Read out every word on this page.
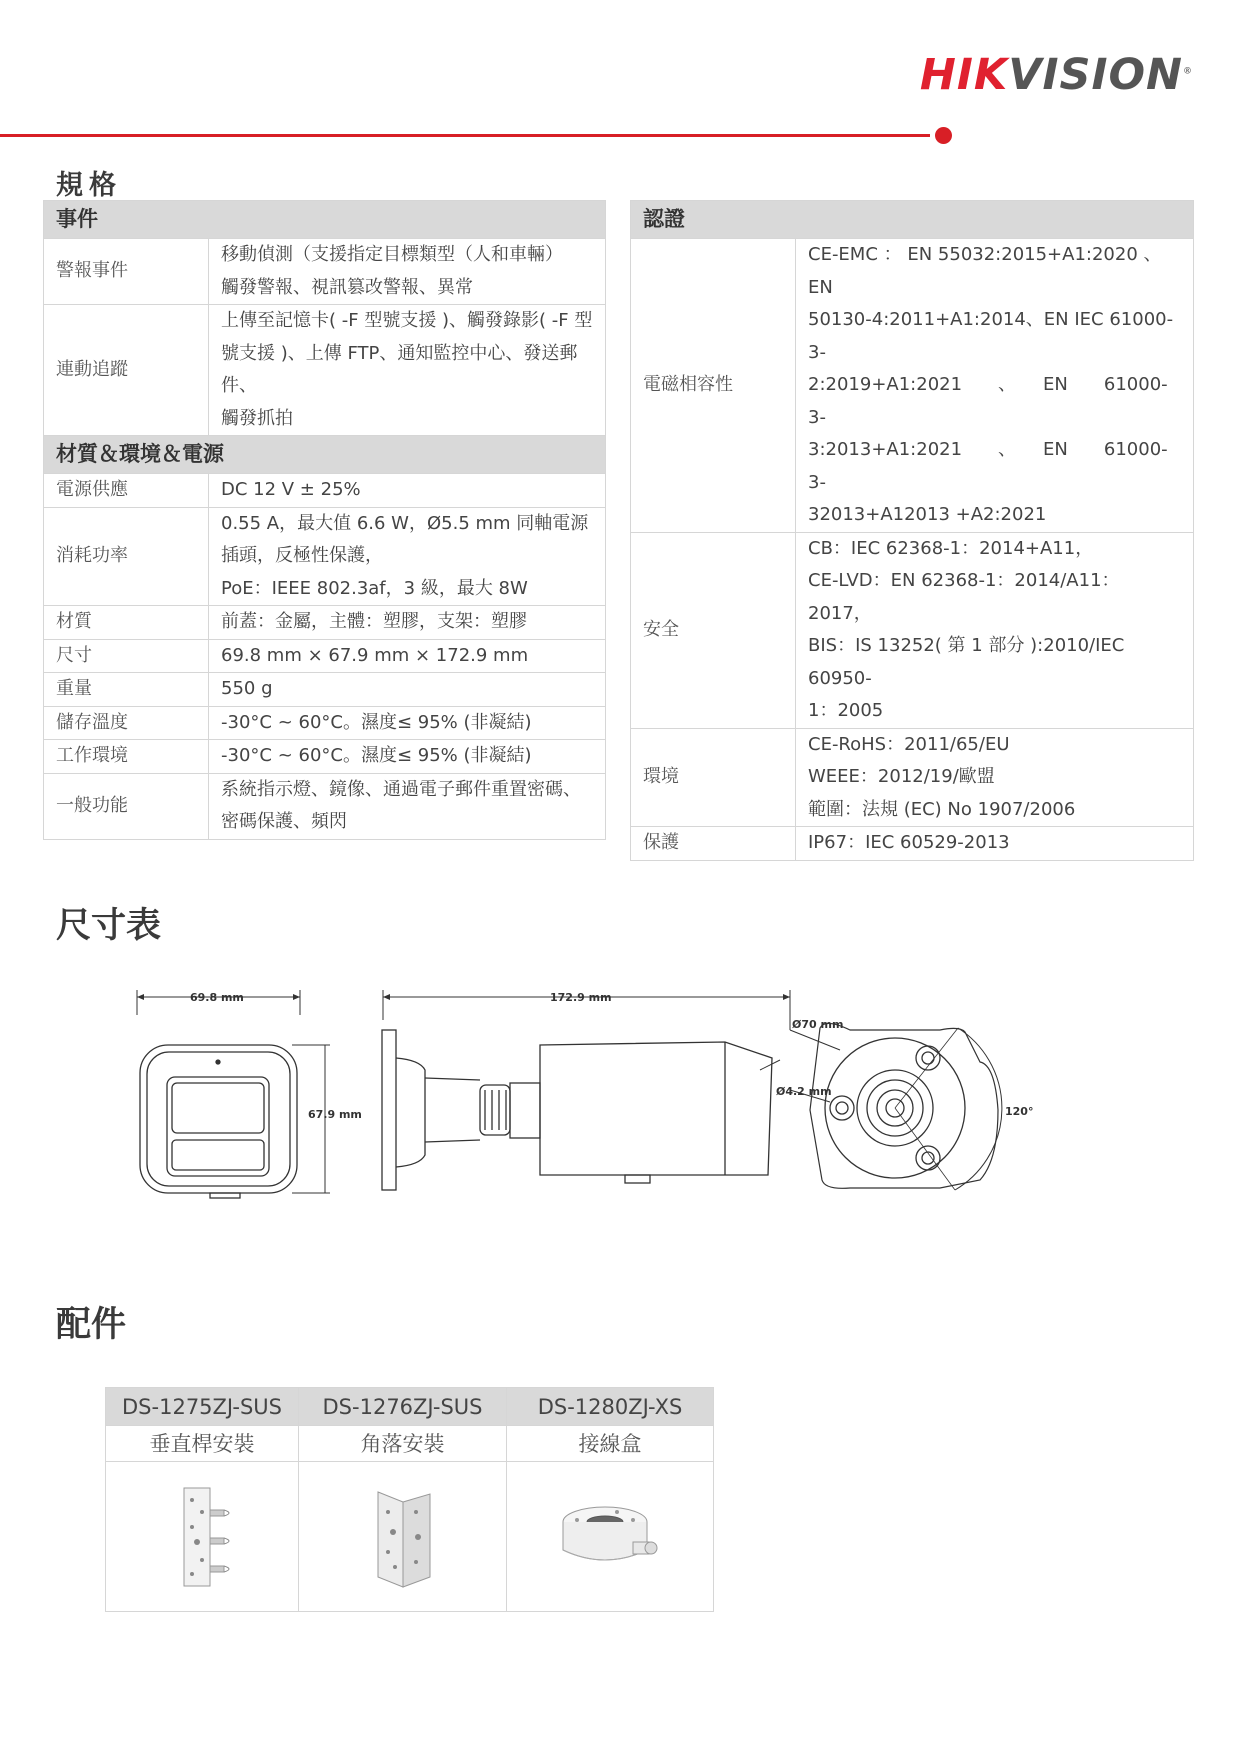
HIKVISION®
規格
事件	
警報事件	移動偵測（支援指定目標類型（人和車輛）
觸發警報、視訊篡改警報、異常

連動追蹤	上傳至記憶卡( -F 型號支援 )、觸發錄影( -F 型
號支援 )、上傳 FTP、通知監控中心、發送郵件、
觸發抓拍

材質＆環境＆電源	
電源供應	DC 12 V ± 25%

消耗功率	0.55 A，最大值 6.6 W，Ø5.5 mm 同軸電源
插頭，反極性保護，
PoE：IEEE 802.3af，3 級，最大 8W

材質	前蓋：金屬，主體：塑膠，支架：塑膠

尺寸	69.8 mm × 67.9 mm × 172.9 mm

重量	550 g

儲存溫度	-30°C ~ 60°C。濕度≤ 95% (非凝結)

工作環境	-30°C ~ 60°C。濕度≤ 95% (非凝結)

一般功能	系統指示燈、鏡像、通過電子郵件重置密碼、
密碼保護、頻閃
認證	
電磁相容性	CE-EMC ： EN 55032:2015+A1:2020 、 EN
50130-4:2011+A1:2014、EN IEC 61000-3-
2:2019+A1:2021　　、　　EN　　61000-3-
3:2013+A1:2021　　、　　EN　　61000-3-
32013+A12013 +A2:2021

安全	CB：IEC 62368-1：2014+A11，
CE-LVD：EN 62368-1：2014/A11：2017，
BIS：IS 13252( 第 1 部分 ):2010/IEC 60950-
1：2005

環境	CE-RoHS：2011/65/EU
WEEE：2012/19/歐盟
範圍：法規 (EC) No 1907/2006

保護	IP67：IEC 60529-2013
尺寸表
69.8 mm
67.9 mm
172.9 mm
Ø70 mm
Ø4.2 mm
120°
配件
DS-1275ZJ-SUS	DS-1276ZJ-SUS	DS-1280ZJ-XS
垂直桿安裝	角落安裝	接線盒
